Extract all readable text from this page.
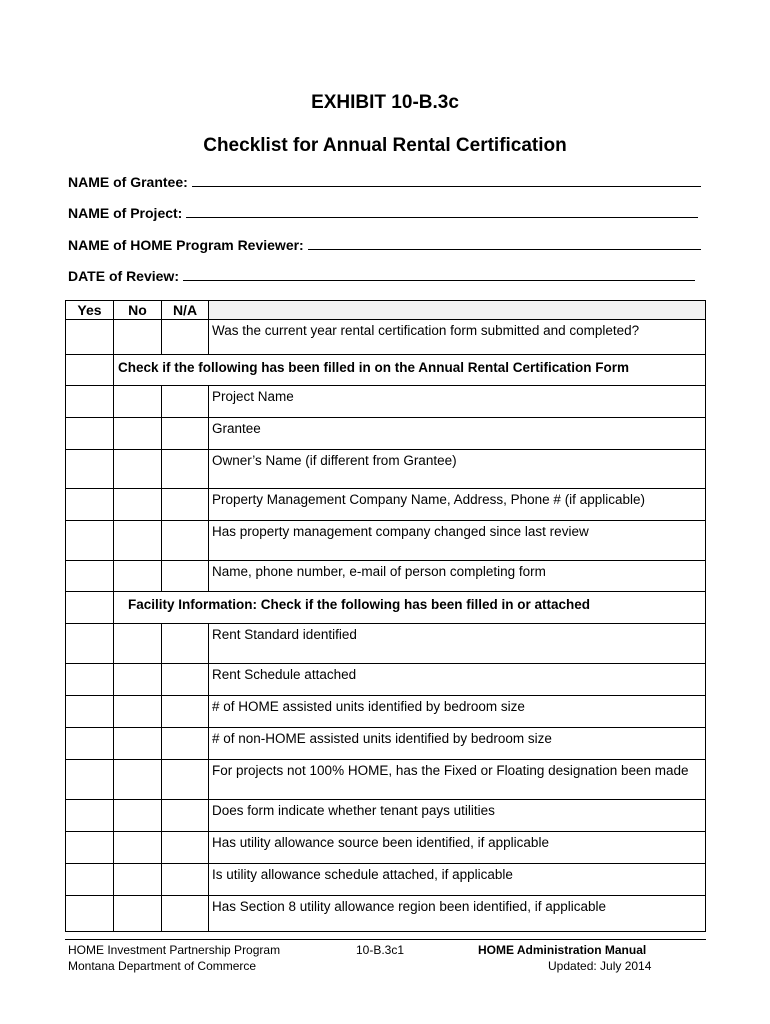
EXHIBIT 10-B.3c
Checklist for Annual Rental Certification
NAME of Grantee:
NAME of Project:
NAME of HOME Program Reviewer:
DATE of Review:
Yes	No	N/A	
			Was the current year rental certification form submitted and completed?
	Check if the following has been filled in on the Annual Rental Certification Form		
			Project Name
			Grantee
			Owner’s Name (if different from Grantee)
			Property Management Company Name, Address, Phone # (if applicable)
			Has property management company changed since last review
			Name, phone number, e-mail of person completing form
	Facility Information: Check if the following has been filled in or attached		
			Rent Standard identified
			Rent Schedule attached
			# of HOME assisted units identified by bedroom size
			# of non-HOME assisted units identified by bedroom size
			For projects not 100% HOME, has the Fixed or Floating designation been made
			Does form indicate whether tenant pays utilities
			Has utility allowance source been identified, if applicable
			Is utility allowance schedule attached, if applicable
			Has Section 8 utility allowance region been identified, if applicable
HOME Investment Partnership Program
Montana Department of Commerce
10-B.3c1	HOME Administration Manual
Updated: July 2014
